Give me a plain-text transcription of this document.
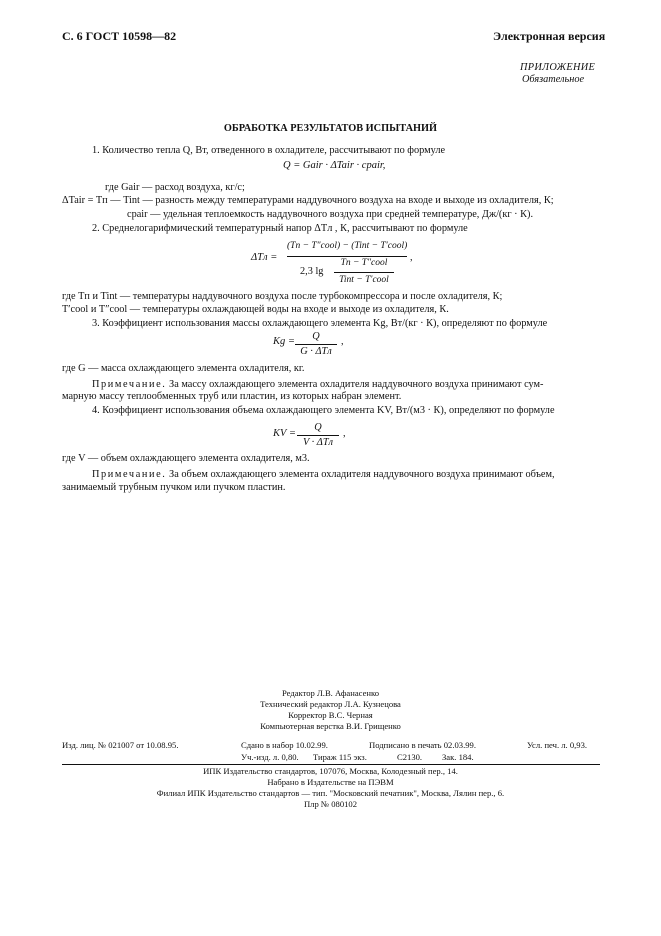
С. 6 ГОСТ 10598—82	Электронная версия
ПРИЛОЖЕНИЕ
Обязательное
ОБРАБОТКА РЕЗУЛЬТАТОВ ИСПЫТАНИЙ
1. Количество тепла Q, Вт, отведенного в охладителе, рассчитывают по формуле
Q = Gair · ΔTair · cpair,
где Gair — расход воздуха, кг/с;
ΔTair = Tп — Tint — разность между температурами наддувочного воздуха на входе и выходе из охладителя, К;
cpair — удельная теплоемкость наддувочного воздуха при средней температуре, Дж/(кг · К).
2. Среднелогарифмический температурный напор ΔTл , К, рассчитывают по формуле
ΔTл =
(Tп − T″cool) − (Tint − T′cool)
2,3 lg
Tп − T″cool
Tint − T′cool
,
где Tп и Tint — температуры наддувочного воздуха после турбокомпрессора и после охладителя, К;
T′cool и T″cool — температуры охлаждающей воды на входе и выходе из охладителя, К.
3. Коэффициент использования массы охлаждающего элемента Kg, Вт/(кг · К), определяют по формуле
Kg =	Q
G · ΔTл
,
где G — масса охлаждающего элемента охладителя, кг.
Примечание. За массу охлаждающего элемента охладителя наддувочного воздуха принимают сум-
марную массу теплообменных труб или пластин, из которых набран элемент.
4. Коэффициент использования объема охлаждающего элемента KV, Вт/(м3 · К), определяют по формуле
KV =
Q
V · ΔTл
,
где V — объем охлаждающего элемента охладителя, м3.
Примечание. За объем охлаждающего элемента охладителя наддувочного воздуха принимают объем,
занимаемый трубным пучком или пучком пластин.
Редактор Л.В. Афанасенко
Технический редактор Л.А. Кузнецова
Корректор В.С. Черная
Компьютерная верстка В.И. Грищенко
Изд. лиц. № 021007 от 10.08.95.	Сдано в набор 10.02.99.	Подписано в печать 02.03.99.	Усл. печ. л. 0,93.
Уч.-изд. л. 0,80. Тираж 115 экз.	С2130. Зак. 184.
ИПК Издательство стандартов, 107076, Москва, Колодезный пер., 14.
Набрано в Издательстве на ПЭВМ
Филиал ИПК Издательство стандартов — тип. "Московский печатник", Москва, Лялин пер., 6.
Плр № 080102
